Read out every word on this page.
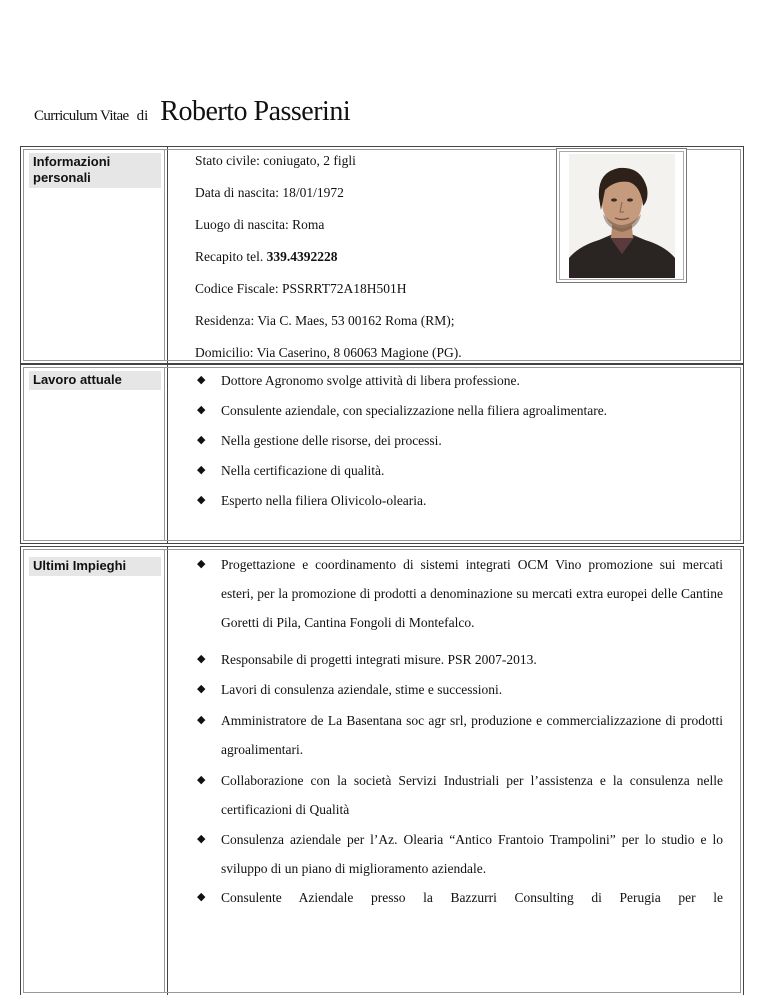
Curriculum Vitae di Roberto Passerini
Informazioni personali
Stato civile: coniugato, 2 figli
Data di nascita: 18/01/1972
Luogo di nascita: Roma
Recapito tel. 339.4392228
Codice Fiscale: PSSRRT72A18H501H
Residenza: Via C. Maes, 53 00162 Roma (RM);
Domicilio: Via Caserino, 8 06063 Magione (PG).
Lavoro attuale	◆ Dottore Agronomo svolge attività di libera professione.
◆ Consulente aziendale, con specializzazione nella filiera agroalimentare.
◆ Nella gestione delle risorse, dei processi.
◆ Nella certificazione di qualità.
◆ Esperto nella filiera Olivicolo-olearia.
Ultimi Impieghi	◆ Progettazione e coordinamento di sistemi integrati OCM Vino promozione sui mercati esteri, per la promozione di prodotti a denominazione su mercati extra europei delle Cantine Goretti di Pila, Cantina Fongoli di Montefalco.
◆ Responsabile di progetti integrati misure. PSR 2007-2013.
◆ Lavori di consulenza aziendale, stime e successioni.
◆ Amministratore de La Basentana soc agr srl, produzione e commercializzazione di prodotti agroalimentari.
◆ Collaborazione con la società Servizi Industriali per l’assistenza e la consulenza nelle certificazioni di Qualità
◆ Consulenza aziendale per l’Az. Olearia “Antico Frantoio Trampolini” per lo studio e lo sviluppo di un piano di miglioramento aziendale.
◆ Consulente Aziendale presso la Bazzurri Consulting di Perugia per le
